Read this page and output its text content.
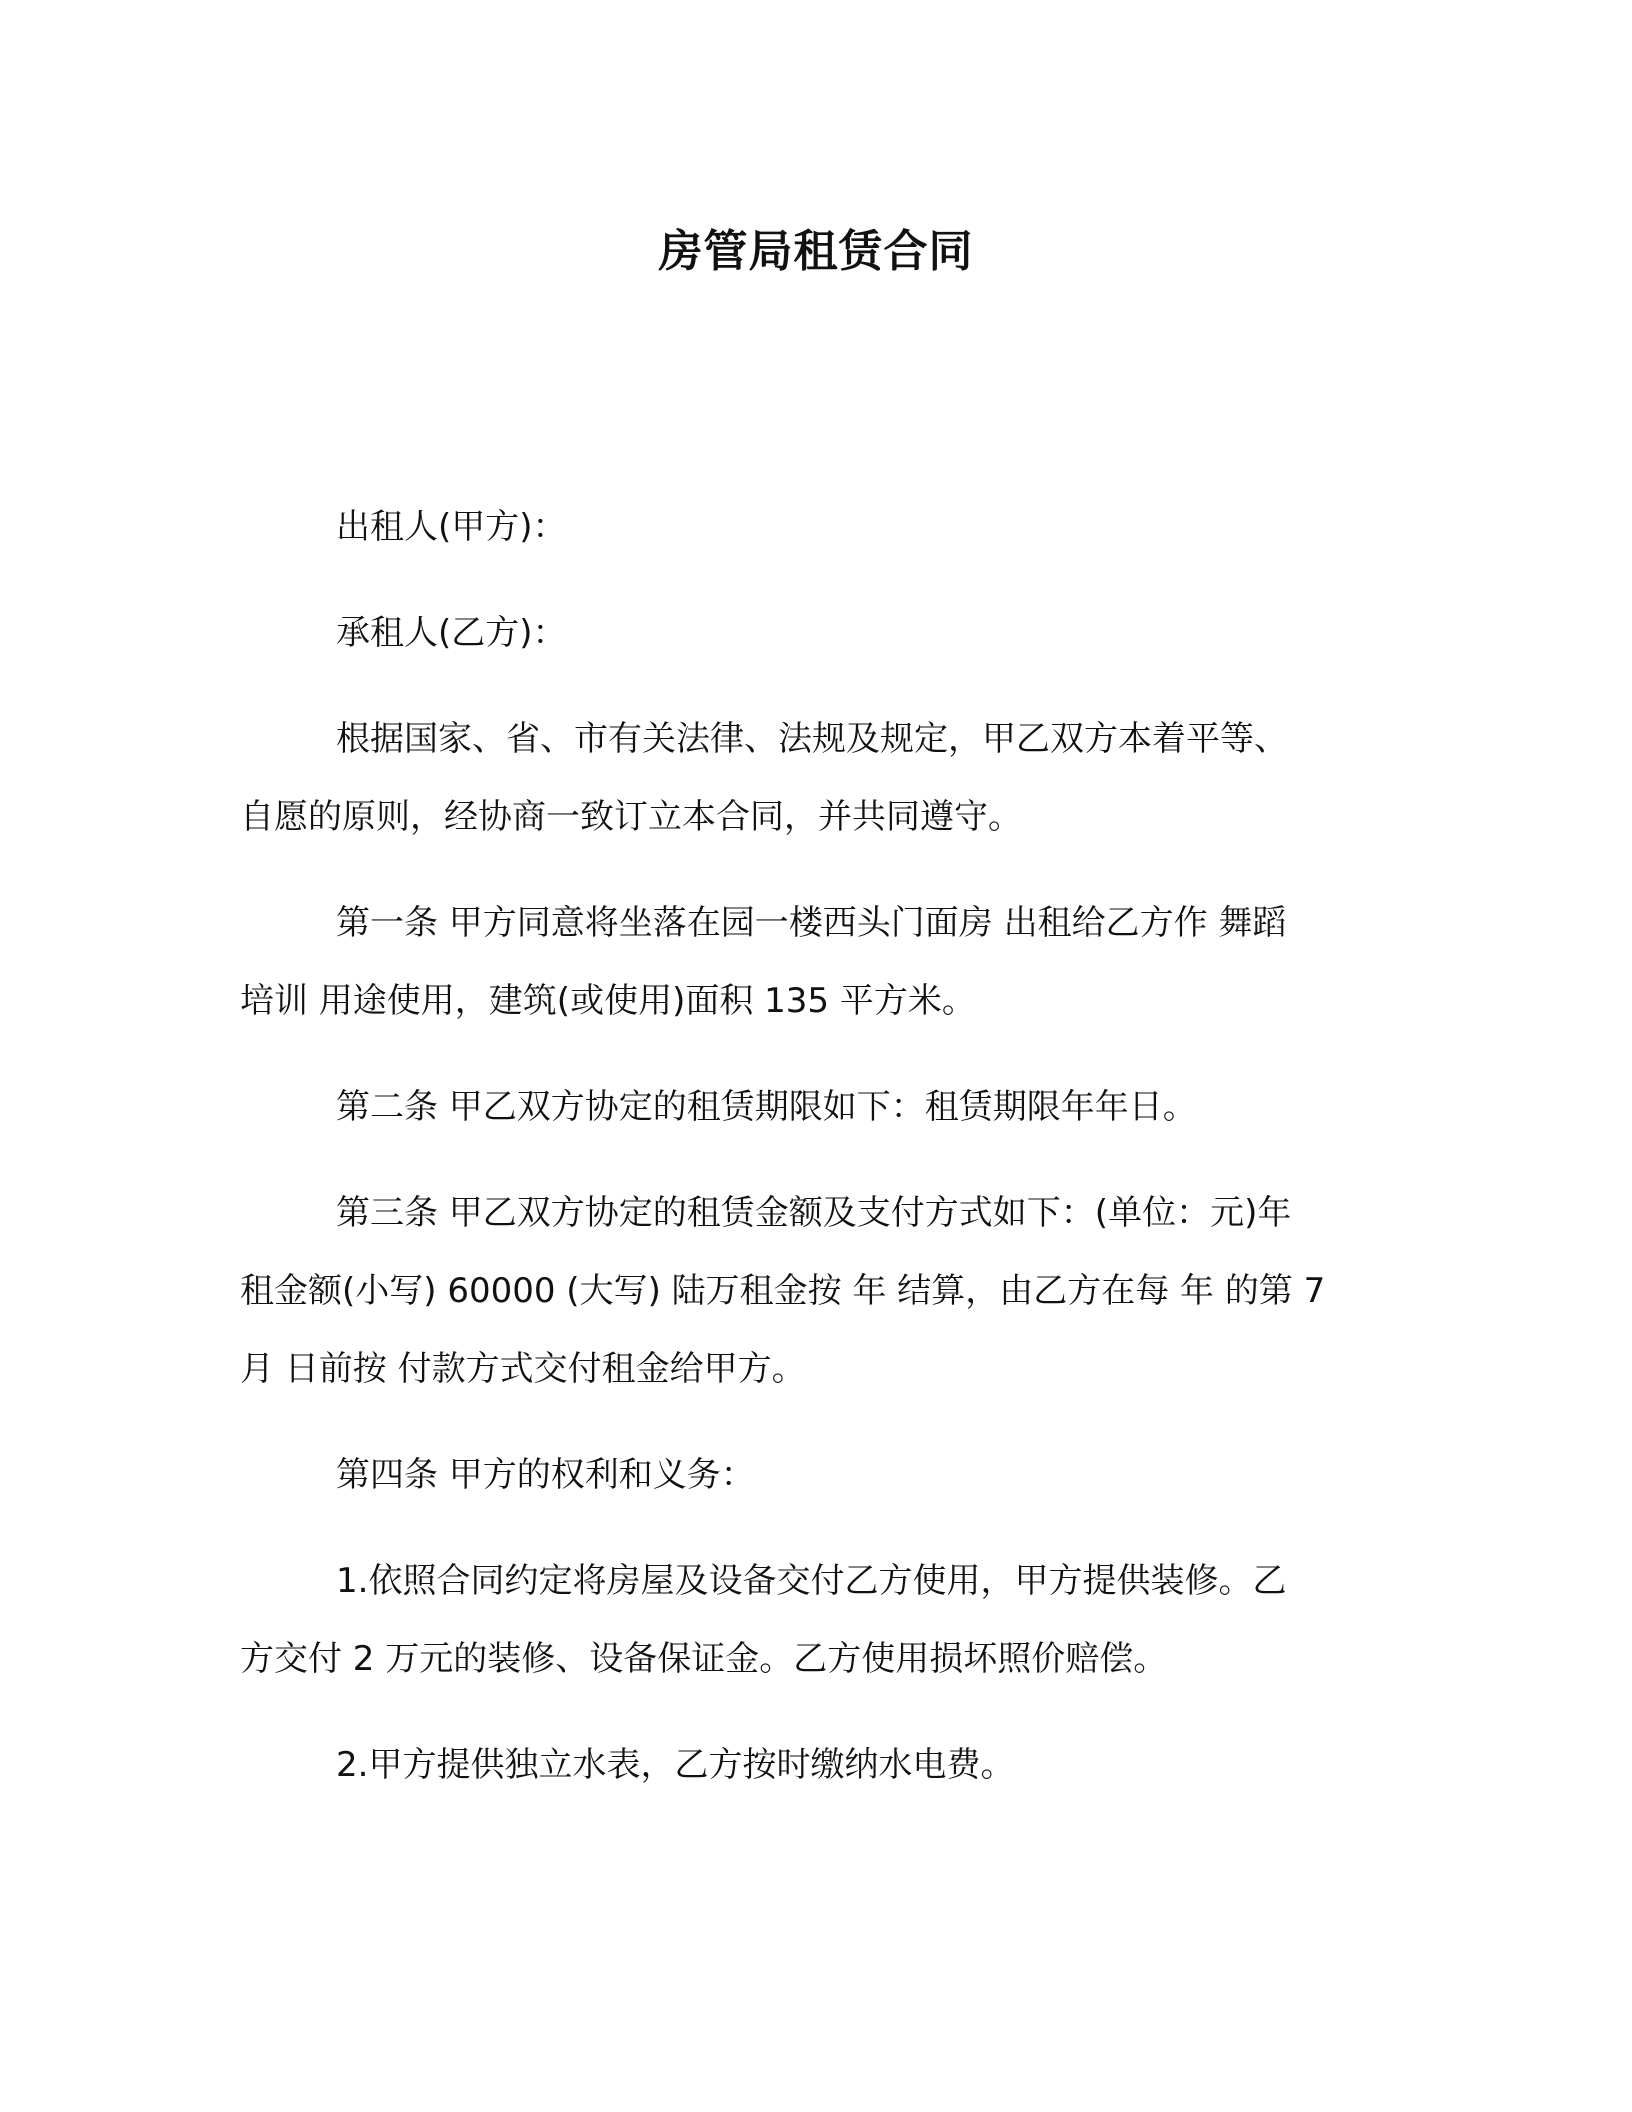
房管局租赁合同

出租人(甲方)：

承租人(乙方)：

根据国家、省、市有关法律、法规及规定，甲乙双方本着平等、
自愿的原则，经协商一致订立本合同，并共同遵守。

第一条 甲方同意将坐落在园一楼西头门面房 出租给乙方作 舞蹈
培训 用途使用，建筑(或使用)面积 135 平方米。

第二条 甲乙双方协定的租赁期限如下：租赁期限年年日。

第三条 甲乙双方协定的租赁金额及支付方式如下：(单位：元)年
租金额(小写) 60000 (大写) 陆万租金按 年 结算，由乙方在每 年 的第 7
月 日前按 付款方式交付租金给甲方。

第四条 甲方的权利和义务：

1.依照合同约定将房屋及设备交付乙方使用，甲方提供装修。乙
方交付 2 万元的装修、设备保证金。乙方使用损坏照价赔偿。

2.甲方提供独立水表，乙方按时缴纳水电费。
